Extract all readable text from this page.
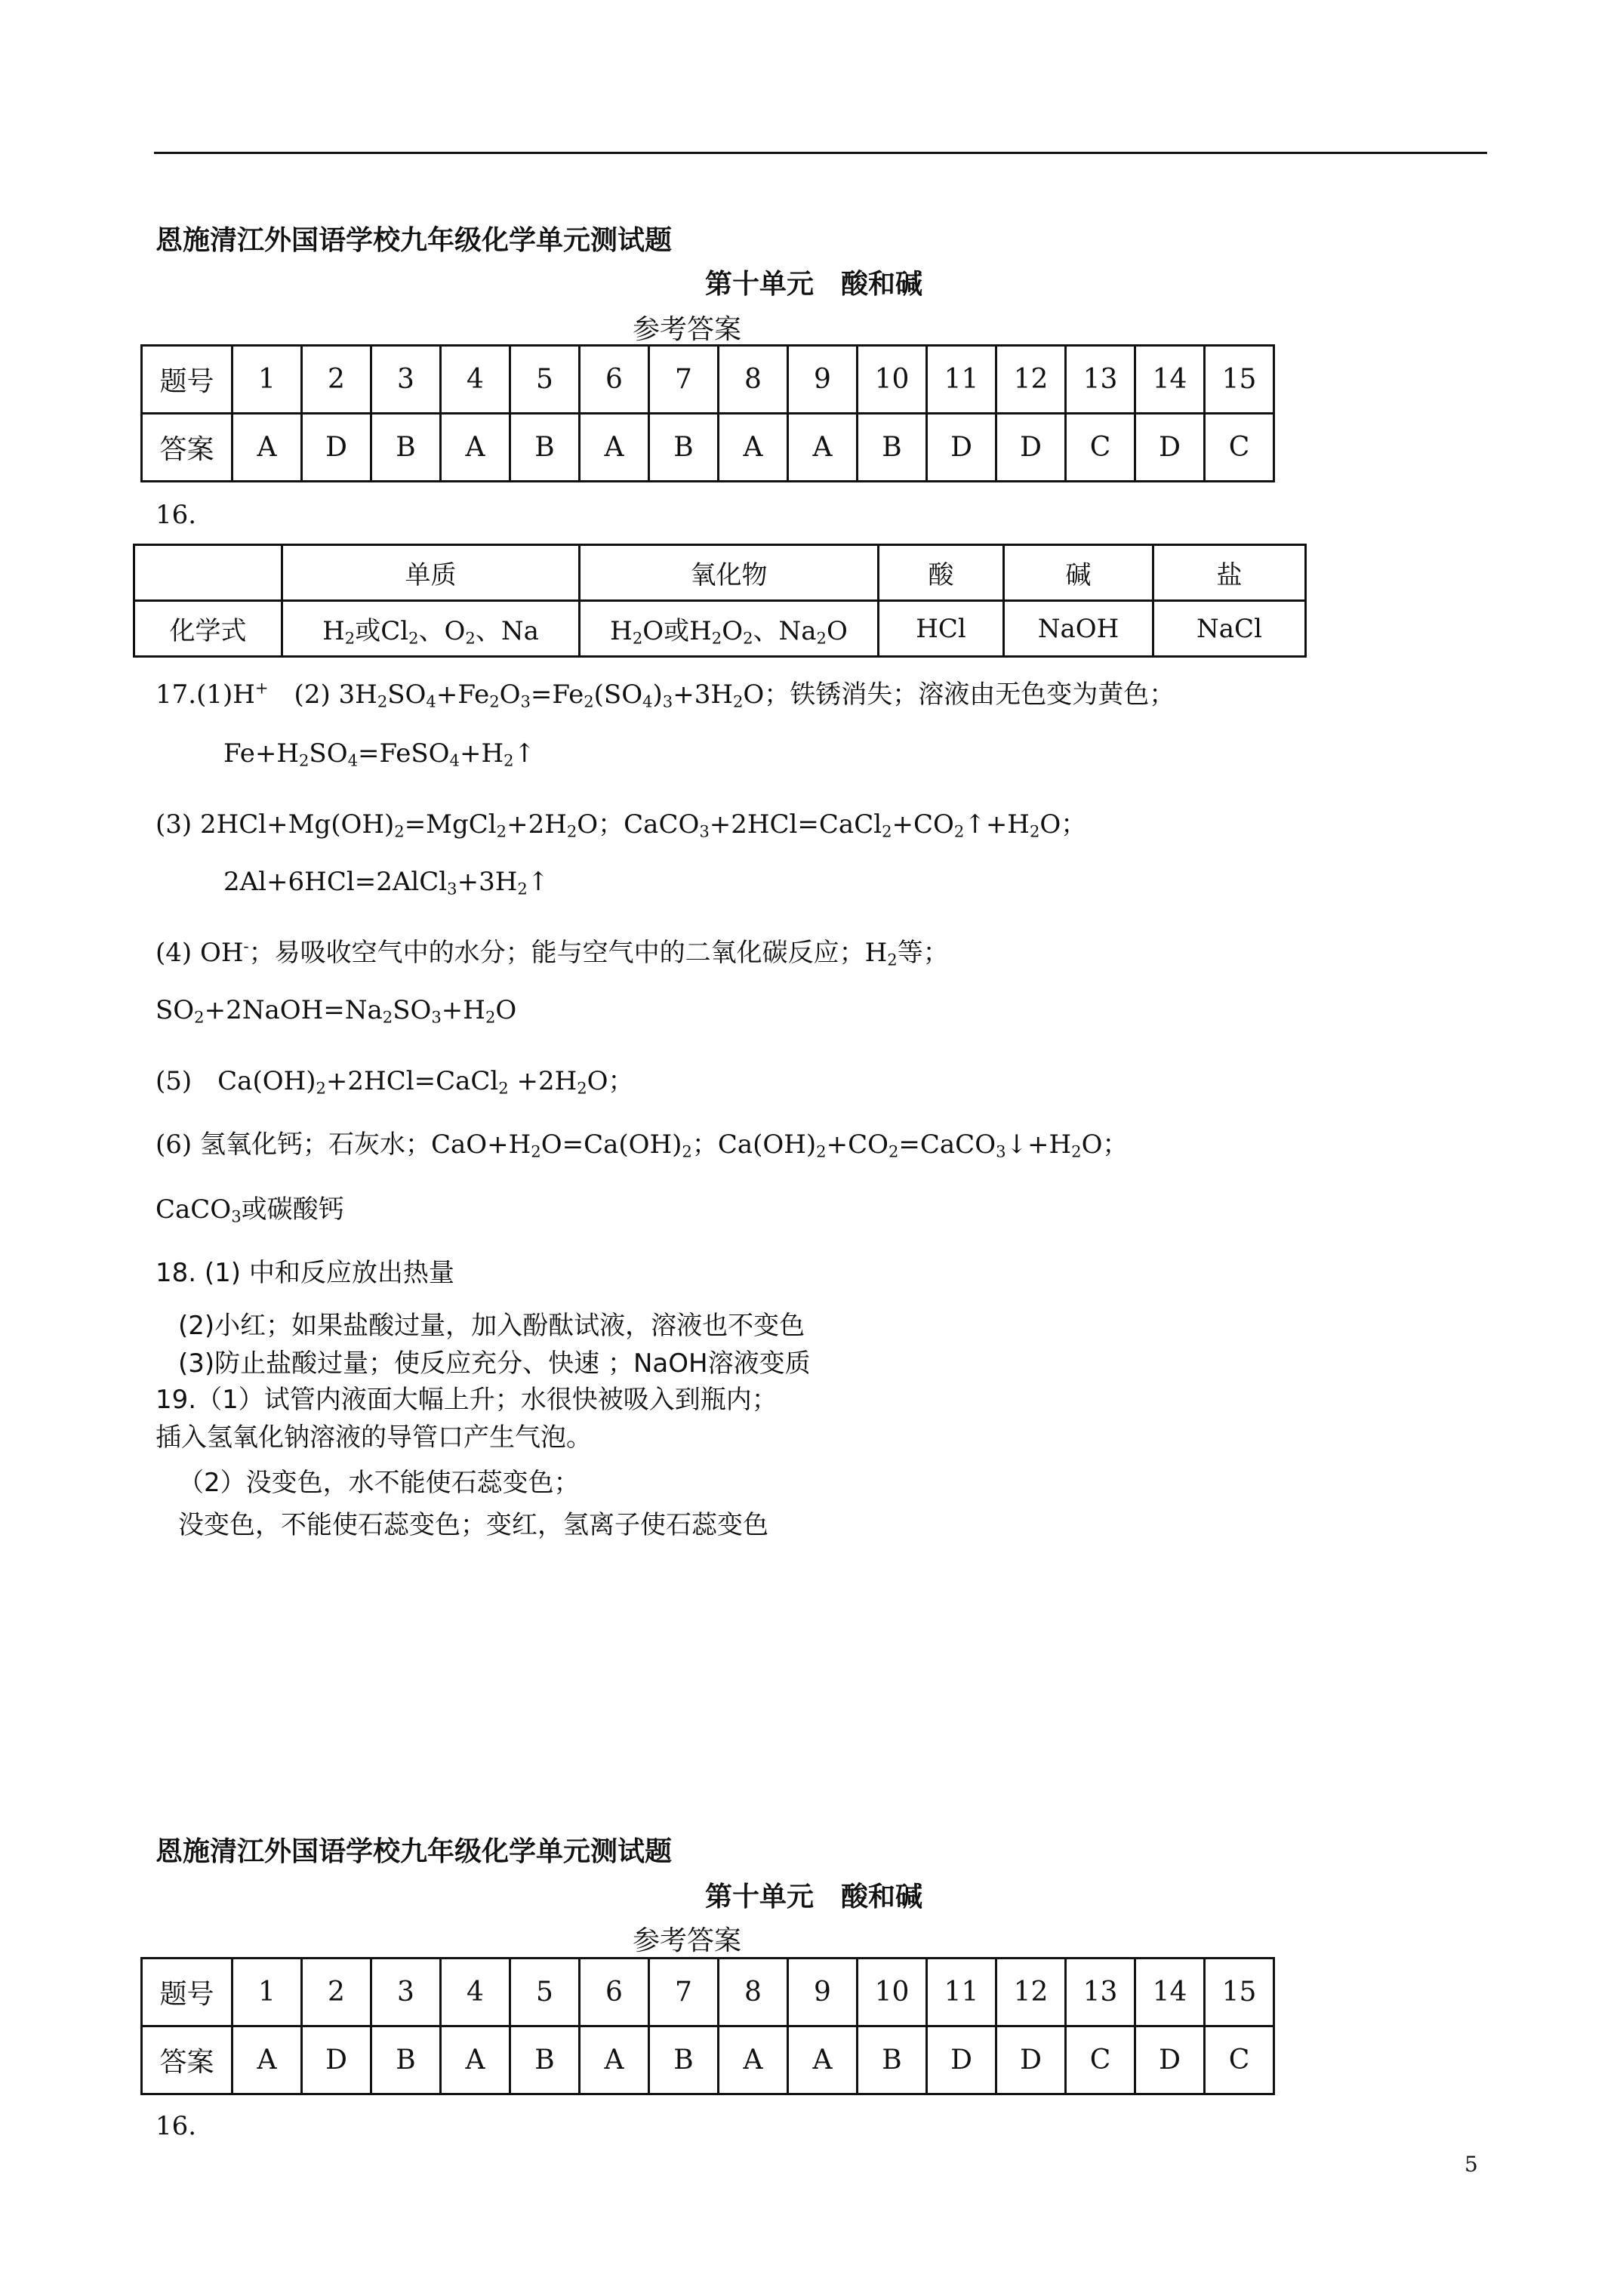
恩施清江外国语学校九年级化学单元测试题
第十单元　酸和碱
参考答案
题号	1	2	3	4	5	6	7	8	9	10	11	12	13	14	15
答案	A	D	B	A	B	A	B	A	A	B	D	D	C	D	C
16.
	单质	氧化物	酸	碱	盐
化学式	$H_2$或$Cl_2$、$O_2$、Na	$H_2O$或$H_2O_2$、$Na_2O$	HCl	NaOH	NaCl
17.(1)H+　(2) $3H_2SO_4+Fe_2O_3=Fe_2(SO_4)_3+3H_2O$；铁锈消失；溶液由无色变为黄色；
$Fe+H_2SO_4=FeSO_4+H_2↑$
(3) $2HCl+Mg(OH)_2=MgCl_2+2H_2O$；$CaCO_3+2HCl=CaCl_2+CO_2↑+H_2O$；
$2Al+6HCl=2AlCl_3+3H_2↑$
(4) OH-；易吸收空气中的水分；能与空气中的二氧化碳反应；$H_2$等；
$SO_2+2NaOH=Na_2SO_3+H_2O$
(5)　$Ca(OH)_2+2HCl=CaCl_2 +2H_2O$；
(6) 氢氧化钙；石灰水；$CaO+H_2O=Ca(OH)_2$；$Ca(OH)_2+CO_2=CaCO_3↓+H_2O$；
CaCO$_3$或碳酸钙
18. (1) 中和反应放出热量
(2)小红；如果盐酸过量，加入酚酞试液，溶液也不变色
(3)防止盐酸过量；使反应充分、快速 ；NaOH溶液变质
19.（1）试管内液面大幅上升；水很快被吸入到瓶内；
插入氢氧化钠溶液的导管口产生气泡。
（2）没变色，水不能使石蕊变色；
没变色，不能使石蕊变色；变红，氢离子使石蕊变色
恩施清江外国语学校九年级化学单元测试题
第十单元　酸和碱
参考答案
题号	1	2	3	4	5	6	7	8	9	10	11	12	13	14	15
答案	A	D	B	A	B	A	B	A	A	B	D	D	C	D	C
16.
5
